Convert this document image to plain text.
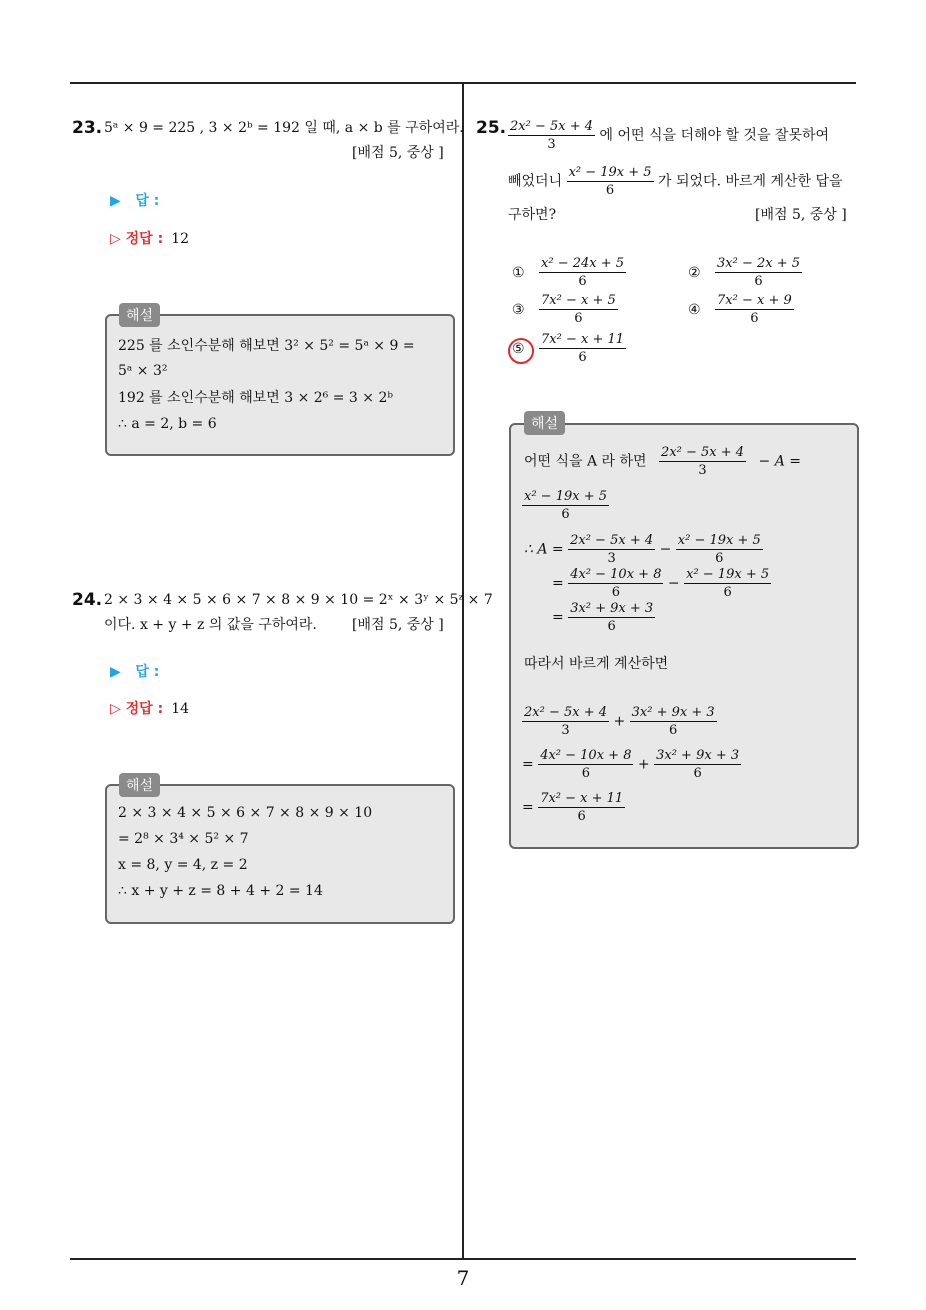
23. 5ᵃ × 9 = 225 , 3 × 2ᵇ = 192 일 때, a × b 를 구하여라.
[배점 5, 중상 ]
▶ 답 :
▷ 정답 : 12
해설
225 를 소인수분해 해보면 3² × 5² = 5ᵃ × 9 =
5ᵃ × 3²
192 를 소인수분해 해보면 3 × 2⁶ = 3 × 2ᵇ
∴ a = 2, b = 6
24. 2 × 3 × 4 × 5 × 6 × 7 × 8 × 9 × 10 = 2ˣ × 3ʸ × 5ᶻ × 7
이다. x + y + z 의 값을 구하여라.	[배점 5, 중상 ]
▶ 답 :
▷ 정답 : 14
해설
2 × 3 × 4 × 5 × 6 × 7 × 8 × 9 × 10
= 2⁸ × 3⁴ × 5² × 7
x = 8, y = 4, z = 2
∴ x + y + z = 8 + 4 + 2 = 14
25. $\frac{\text{2x² − 5x + 4}}{3}$ 에 어떤 식을 더해야 할 것을 잘못하여
빼었더니 $\frac{\text{x² − 19x + 5}}{6}$ 가 되었다. 바르게 계산한 답을
구하면?	[배점 5, 중상 ]
① $\frac{\text{x² − 24x + 5}}{6}$	② $\frac{\text{3x² − 2x + 5}}{6}$
③ $\frac{\text{7x² − x + 5}}{6}$	④ $\frac{\text{7x² − x + 9}}{6}$
⑤ $\frac{\text{7x² − x + 11}}{6}$
해설
어떤 식을 A 라 하면 $\frac{\text{2x² − 5x + 4}}{3} - A$ =
$\frac{\text{x² − 19x + 5}}{6}$
∴ $A = \frac{\text{2x² − 5x + 4}}{3} - \frac{\text{x² − 19x + 5}}{6}$
= $\frac{\text{4x² − 10x + 8}}{6} - \frac{\text{x² − 19x + 5}}{6}$
= $\frac{\text{3x² + 9x + 3}}{6}$
따라서 바르게 계산하면
$\frac{\text{2x² − 5x + 4}}{3} + \frac{\text{3x² + 9x + 3}}{6}$
= $\frac{\text{4x² − 10x + 8}}{6} + \frac{\text{3x² + 9x + 3}}{6}$
= $\frac{\text{7x² − x + 11}}{6}$
7
